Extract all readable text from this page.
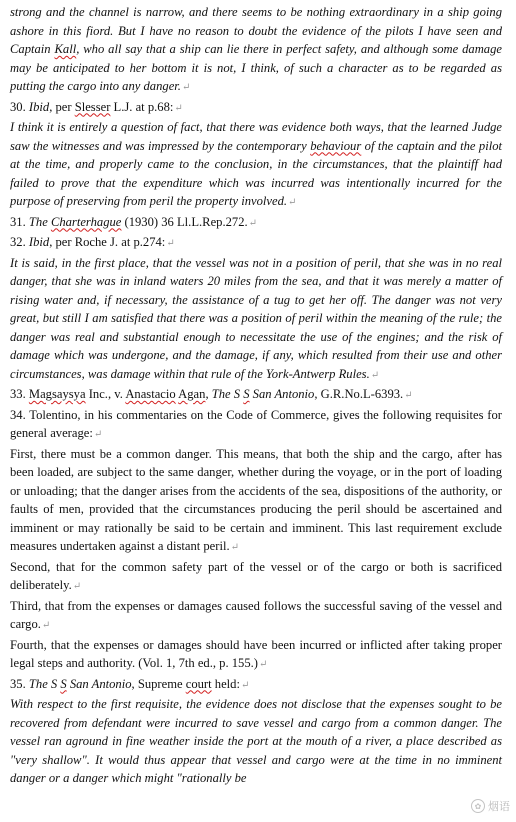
strong and the channel is narrow, and there seems to be nothing extraordinary in a ship going ashore in this fiord. But I have no reason to doubt the evidence of the pilots I have seen and Captain Kall, who all say that a ship can lie there in perfect safety, and although some damage may be anticipated to her bottom it is not, I think, of such a character as to be regarded as putting the cargo into any danger.↵

30. Ibid, per Slesser L.J. at p.68:↵

I think it is entirely a question of fact, that there was evidence both ways, that the learned Judge saw the witnesses and was impressed by the contemporary behaviour of the captain and the pilot at the time, and properly came to the conclusion, in the circumstances, that the plaintiff had failed to prove that the expenditure which was incurred was intentionally incurred for the purpose of preserving from peril the property involved.↵

31. The Charterhague (1930) 36 Ll.L.Rep.272.↵

32. Ibid, per Roche J. at p.274:↵

It is said, in the first place, that the vessel was not in a position of peril, that she was in no real danger, that she was in inland waters 20 miles from the sea, and that it was merely a matter of rising water and, if necessary, the assistance of a tug to get her off. The danger was not very great, but still I am satisfied that there was a position of peril within the meaning of the rule; the danger was real and substantial enough to necessitate the use of the engines; and the risk of damage which was undergone, and the damage, if any, which resulted from their use and other circumstances, was damage within that rule of the York-Antwerp Rules.↵

33. Magsaysya Inc., v. Anastacio Agan, The S S San Antonio, G.R.No.L-6393.↵

34. Tolentino, in his commentaries on the Code of Commerce, gives the following requisites for general average:↵

First, there must be a common danger. This means, that both the ship and the cargo, after has been loaded, are subject to the same danger, whether during the voyage, or in the port of loading or unloading; that the danger arises from the accidents of the sea, dispositions of the authority, or faults of men, provided that the circumstances producing the peril should be ascertained and imminent or may rationally be said to be certain and imminent. This last requirement exclude measures undertaken against a distant peril.↵

Second, that for the common safety part of the vessel or of the cargo or both is sacrificed deliberately.↵

Third, that from the expenses or damages caused follows the successful saving of the vessel and cargo.↵

Fourth, that the expenses or damages should have been incurred or inflicted after taking proper legal steps and authority. (Vol. 1, 7th ed., p. 155.)↵

35. The S S San Antonio, Supreme court held:↵

With respect to the first requisite, the evidence does not disclose that the expenses sought to be recovered from defendant were incurred to save vessel and cargo from a common danger. The vessel ran aground in fine weather inside the port at the mouth of a river, a place described as "very shallow". It would thus appear that vessel and cargo were at the time in no imminent danger or a danger which might "rationally be

✿ 烟语
